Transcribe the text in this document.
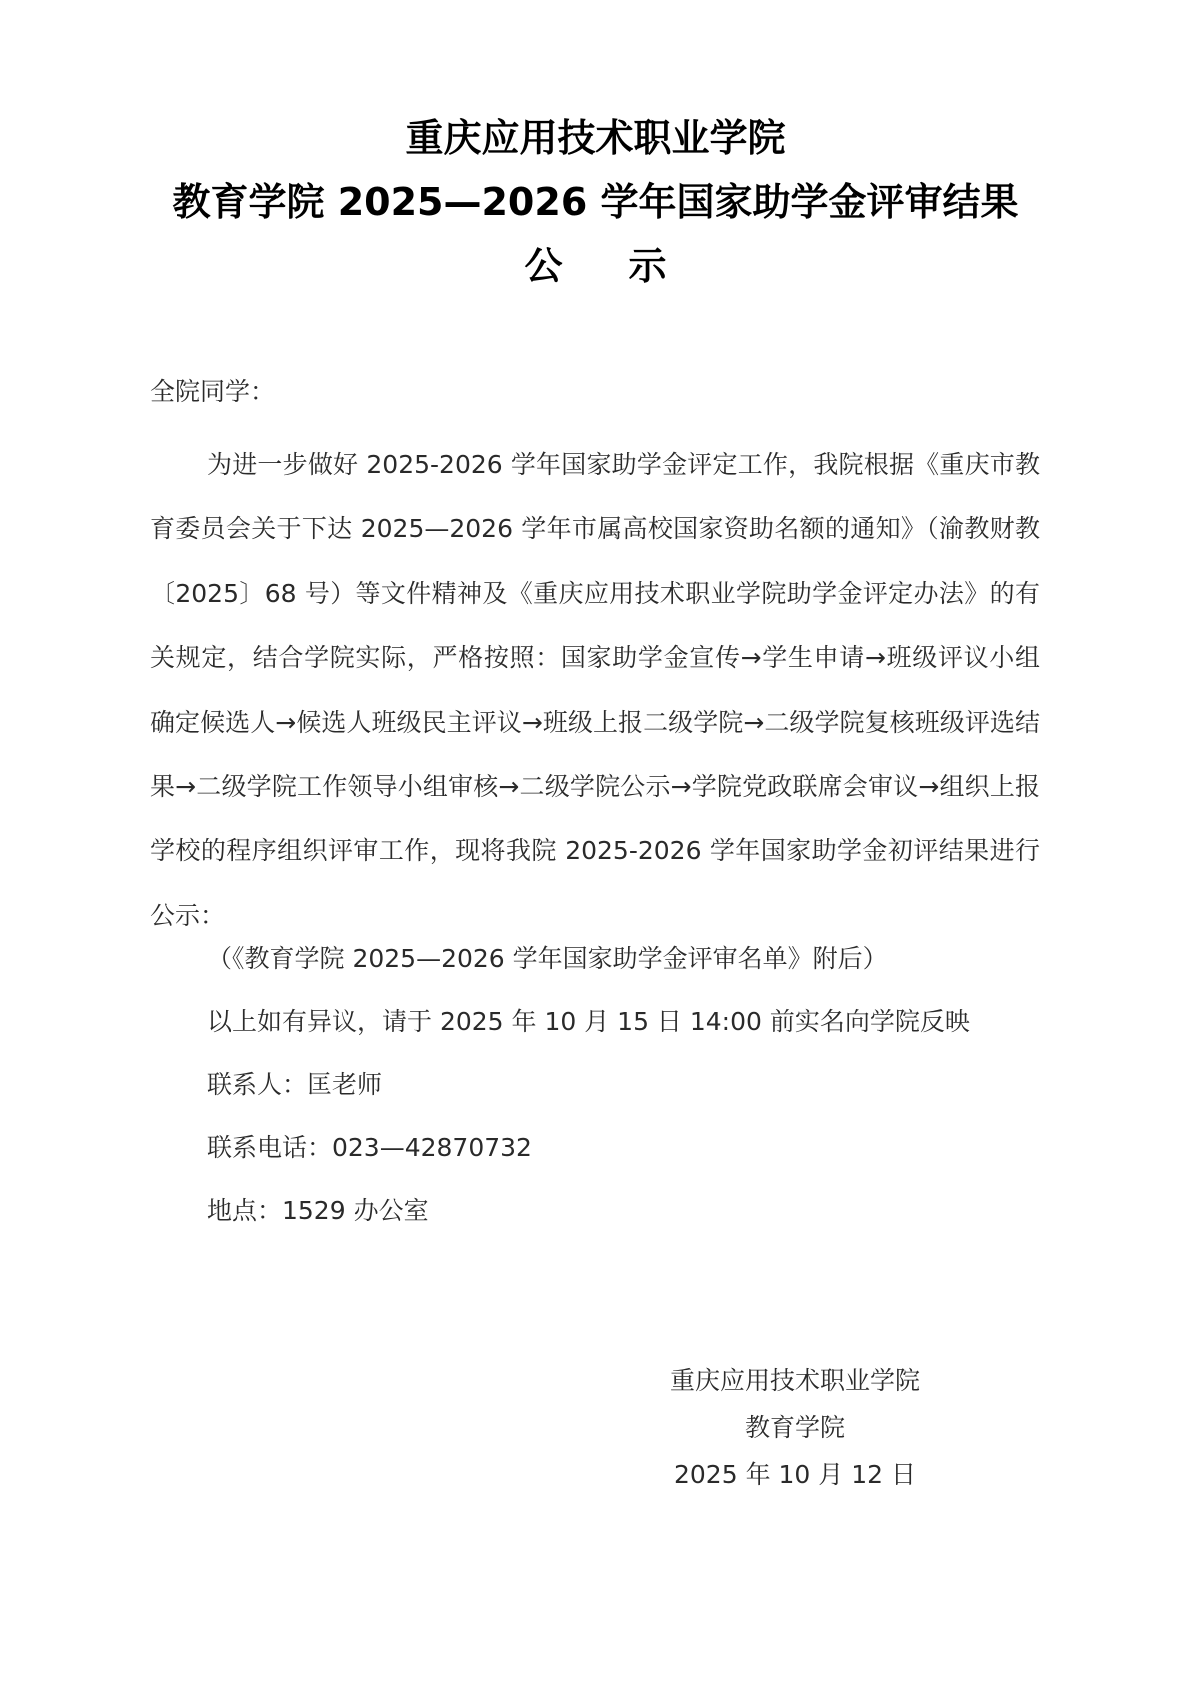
重庆应用技术职业学院
教育学院 2025—2026 学年国家助学金评审结果
公示
全院同学：
为进一步做好 2025-2026 学年国家助学金评定工作，我院根据《重庆市教育委员会关于下达 2025—2026 学年市属高校国家资助名额的通知》（渝教财教〔2025〕68 号）等文件精神及《重庆应用技术职业学院助学金评定办法》的有关规定，结合学院实际，严格按照：国家助学金宣传→学生申请→班级评议小组确定候选人→候选人班级民主评议→班级上报二级学院→二级学院复核班级评选结果→二级学院工作领导小组审核→二级学院公示→学院党政联席会审议→组织上报学校的程序组织评审工作，现将我院 2025-2026 学年国家助学金初评结果进行公示：
（《教育学院 2025—2026 学年国家助学金评审名单》附后）
以上如有异议，请于 2025 年 10 月 15 日 14:00 前实名向学院反映
联系人：匡老师
联系电话：023—42870732
地点：1529 办公室
重庆应用技术职业学院
教育学院
2025 年 10 月 12 日
